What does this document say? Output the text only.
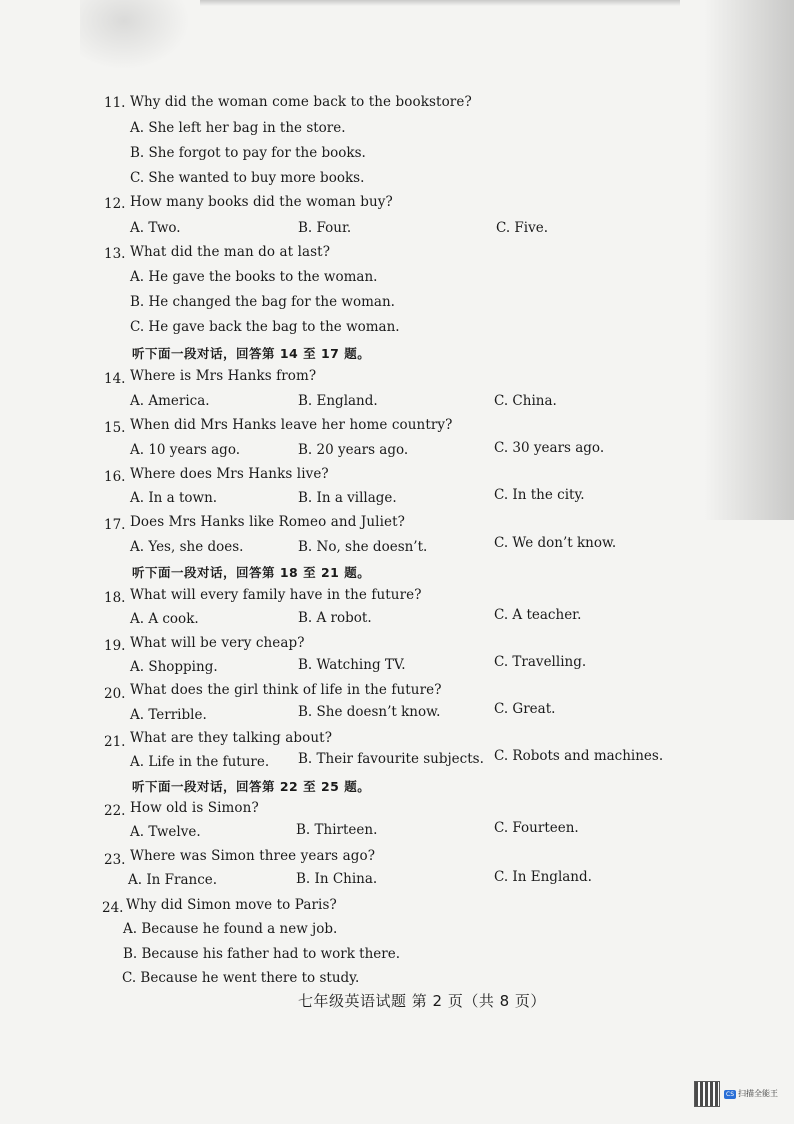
11. Why did the woman come back to the bookstore?
A. She left her bag in the store.
B. She forgot to pay for the books.
C. She wanted to buy more books.
12. How many books did the woman buy?
A. Two.	B. Four.	C. Five.
13. What did the man do at last?
A. He gave the books to the woman.
B. He changed the bag for the woman.
C. He gave back the bag to the woman.
听下面一段对话，回答第 14 至 17 题。
14. Where is Mrs Hanks from?
A. America.	B. England.	C. China.
15. When did Mrs Hanks leave her home country?
A. 10 years ago.	B. 20 years ago.	C. 30 years ago.
16. Where does Mrs Hanks live?
A. In a town.	B. In a village.	C. In the city.
17. Does Mrs Hanks like Romeo and Juliet?
A. Yes, she does.	B. No, she doesn’t.	C. We don’t know.
听下面一段对话，回答第 18 至 21 题。
18. What will every family have in the future?
A. A cook.	B. A robot.	C. A teacher.
19. What will be very cheap?
A. Shopping.	B. Watching TV.	C. Travelling.
20. What does the girl think of life in the future?
A. Terrible.	B. She doesn’t know.	C. Great.
21. What are they talking about?
A. Life in the future. B. Their favourite subjects. C. Robots and machines.
听下面一段对话，回答第 22 至 25 题。
22. How old is Simon?
A. Twelve.	B. Thirteen.	C. Fourteen.
23. Where was Simon three years ago?
A. In France.	B. In China.	C. In England.
24. Why did Simon move to Paris?
A. Because he found a new job.
B. Because his father had to work there.
C. Because he went there to study.
七年级英语试题 第 2 页（共 8 页）
CS 扫描全能王
